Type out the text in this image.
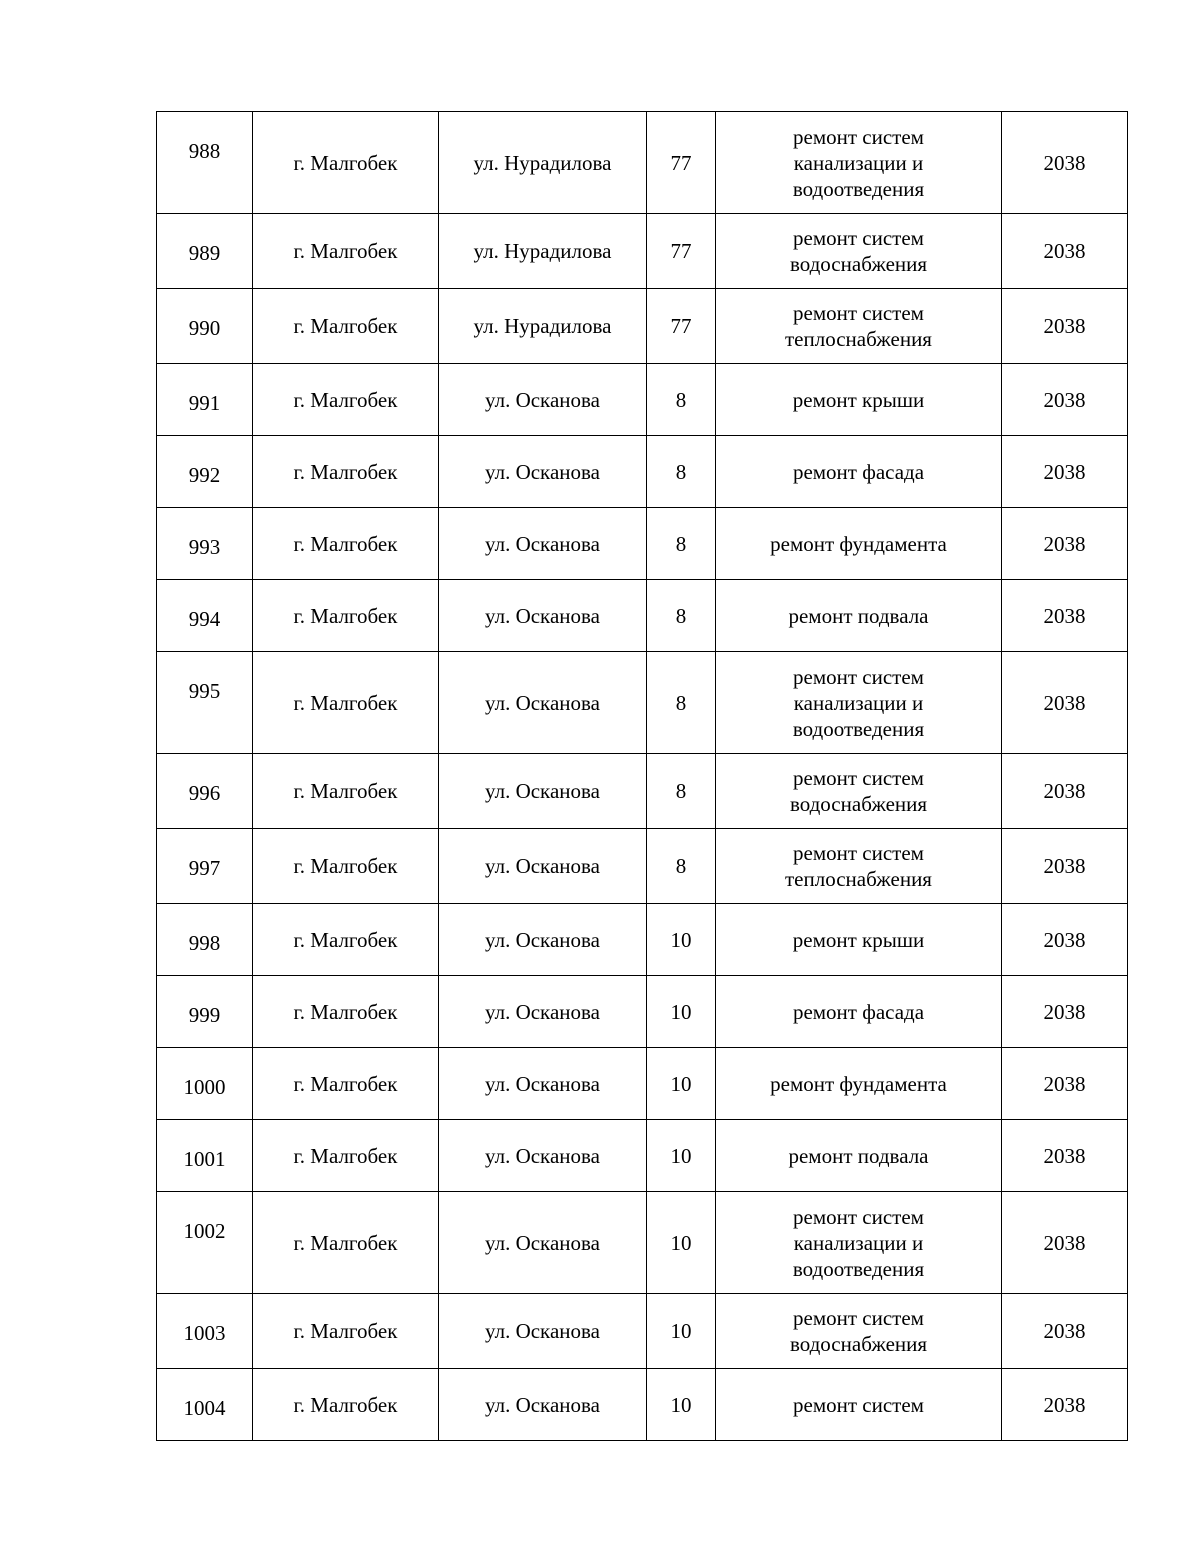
988	г. Малгобек	ул. Нурадилова	77	ремонт систем
канализации и
водоотведения	2038
989	г. Малгобек	ул. Нурадилова	77	ремонт систем
водоснабжения	2038
990	г. Малгобек	ул. Нурадилова	77	ремонт систем
теплоснабжения	2038
991	г. Малгобек	ул. Осканова	8	ремонт крыши	2038
992	г. Малгобек	ул. Осканова	8	ремонт фасада	2038
993	г. Малгобек	ул. Осканова	8	ремонт фундамента	2038
994	г. Малгобек	ул. Осканова	8	ремонт подвала	2038
995	г. Малгобек	ул. Осканова	8	ремонт систем
канализации и
водоотведения	2038
996	г. Малгобек	ул. Осканова	8	ремонт систем
водоснабжения	2038
997	г. Малгобек	ул. Осканова	8	ремонт систем
теплоснабжения	2038
998	г. Малгобек	ул. Осканова	10	ремонт крыши	2038
999	г. Малгобек	ул. Осканова	10	ремонт фасада	2038
1000	г. Малгобек	ул. Осканова	10	ремонт фундамента	2038
1001	г. Малгобек	ул. Осканова	10	ремонт подвала	2038
1002	г. Малгобек	ул. Осканова	10	ремонт систем
канализации и
водоотведения	2038
1003	г. Малгобек	ул. Осканова	10	ремонт систем
водоснабжения	2038
1004	г. Малгобек	ул. Осканова	10	ремонт систем	2038
